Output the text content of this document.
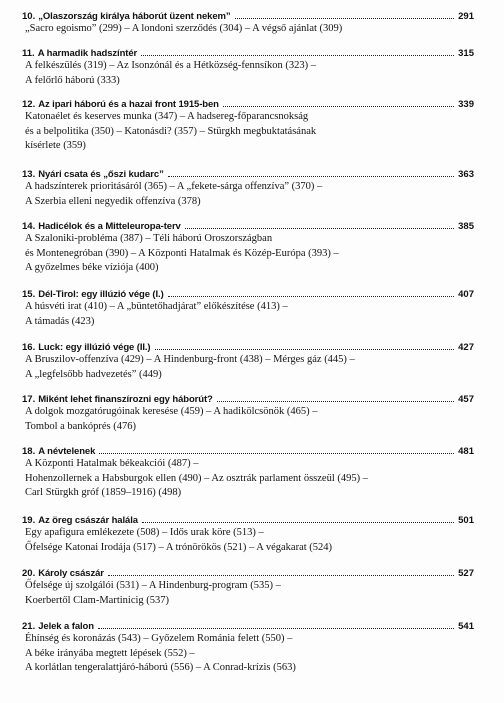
10. „Olaszország királya háborút üzent nekem”	291
„Sacro egoismo” (299) – A londoni szerződés (304) – A végső ajánlat (309)
11. A harmadik hadszíntér	315
A felkészülés (319) – Az Isonzónál és a Hétközség-fennsíkon (323) –
A felőrlő háború (333)
12. Az ipari háború és a hazai front 1915-ben	339
Katonaélet és keserves munka (347) – A hadsereg-főparancsnokság
és a belpolitika (350) – Katonásdi? (357) – Stürgkh megbuktatásának
kísérlete (359)
13. Nyári csata és „őszi kudarc”	363
A hadszínterek prioritásáról (365) – A „fekete-sárga offenzíva” (370) –
A Szerbia elleni negyedik offenzíva (378)
14. Hadicélok és a Mitteleuropa-terv	385
A Szaloniki-probléma (387) – Téli háború Oroszországban
és Montenegróban (390) – A Központi Hatalmak és Közép-Európa (393) –
A győzelmes béke víziója (400)
15. Dél-Tirol: egy illúzió vége (I.)	407
A húsvéti irat (410) – A „büntetőhadjárat” előkészítése (413) –
A támadás (423)
16. Luck: egy illúzió vége (II.)	427
A Bruszilov-offenzíva (429) – A Hindenburg-front (438) – Mérges gáz (445) –
A „legfelsőbb hadvezetés” (449)
17. Miként lehet finanszírozni egy háborút?	457
A dolgok mozgatórugóinak keresése (459) – A hadikölcsönök (465) –
Tombol a bankóprés (476)
18. A névtelenek	481
A Központi Hatalmak békeakciói (487) –
Hohenzollernek a Habsburgok ellen (490) – Az osztrák parlament összeül (495) –
Carl Stürgkh gróf (1859–1916) (498)
19. Az öreg császár halála	501
Egy apafigura emlékezete (508) – Idős urak köre (513) –
Őfelsége Katonai Irodája (517) – A trónörökös (521) – A végakarat (524)
20. Károly császár	527
Őfelsége új szolgálói (531) – A Hindenburg-program (535) –
Koerbertől Clam-Martinicig (537)
21. Jelek a falon	541
Éhínség és koronázás (543) – Győzelem Románia felett (550) –
A béke irányába megtett lépések (552) –
A korlátlan tengeralattjáró-háború (556) – A Conrad-krízis (563)
